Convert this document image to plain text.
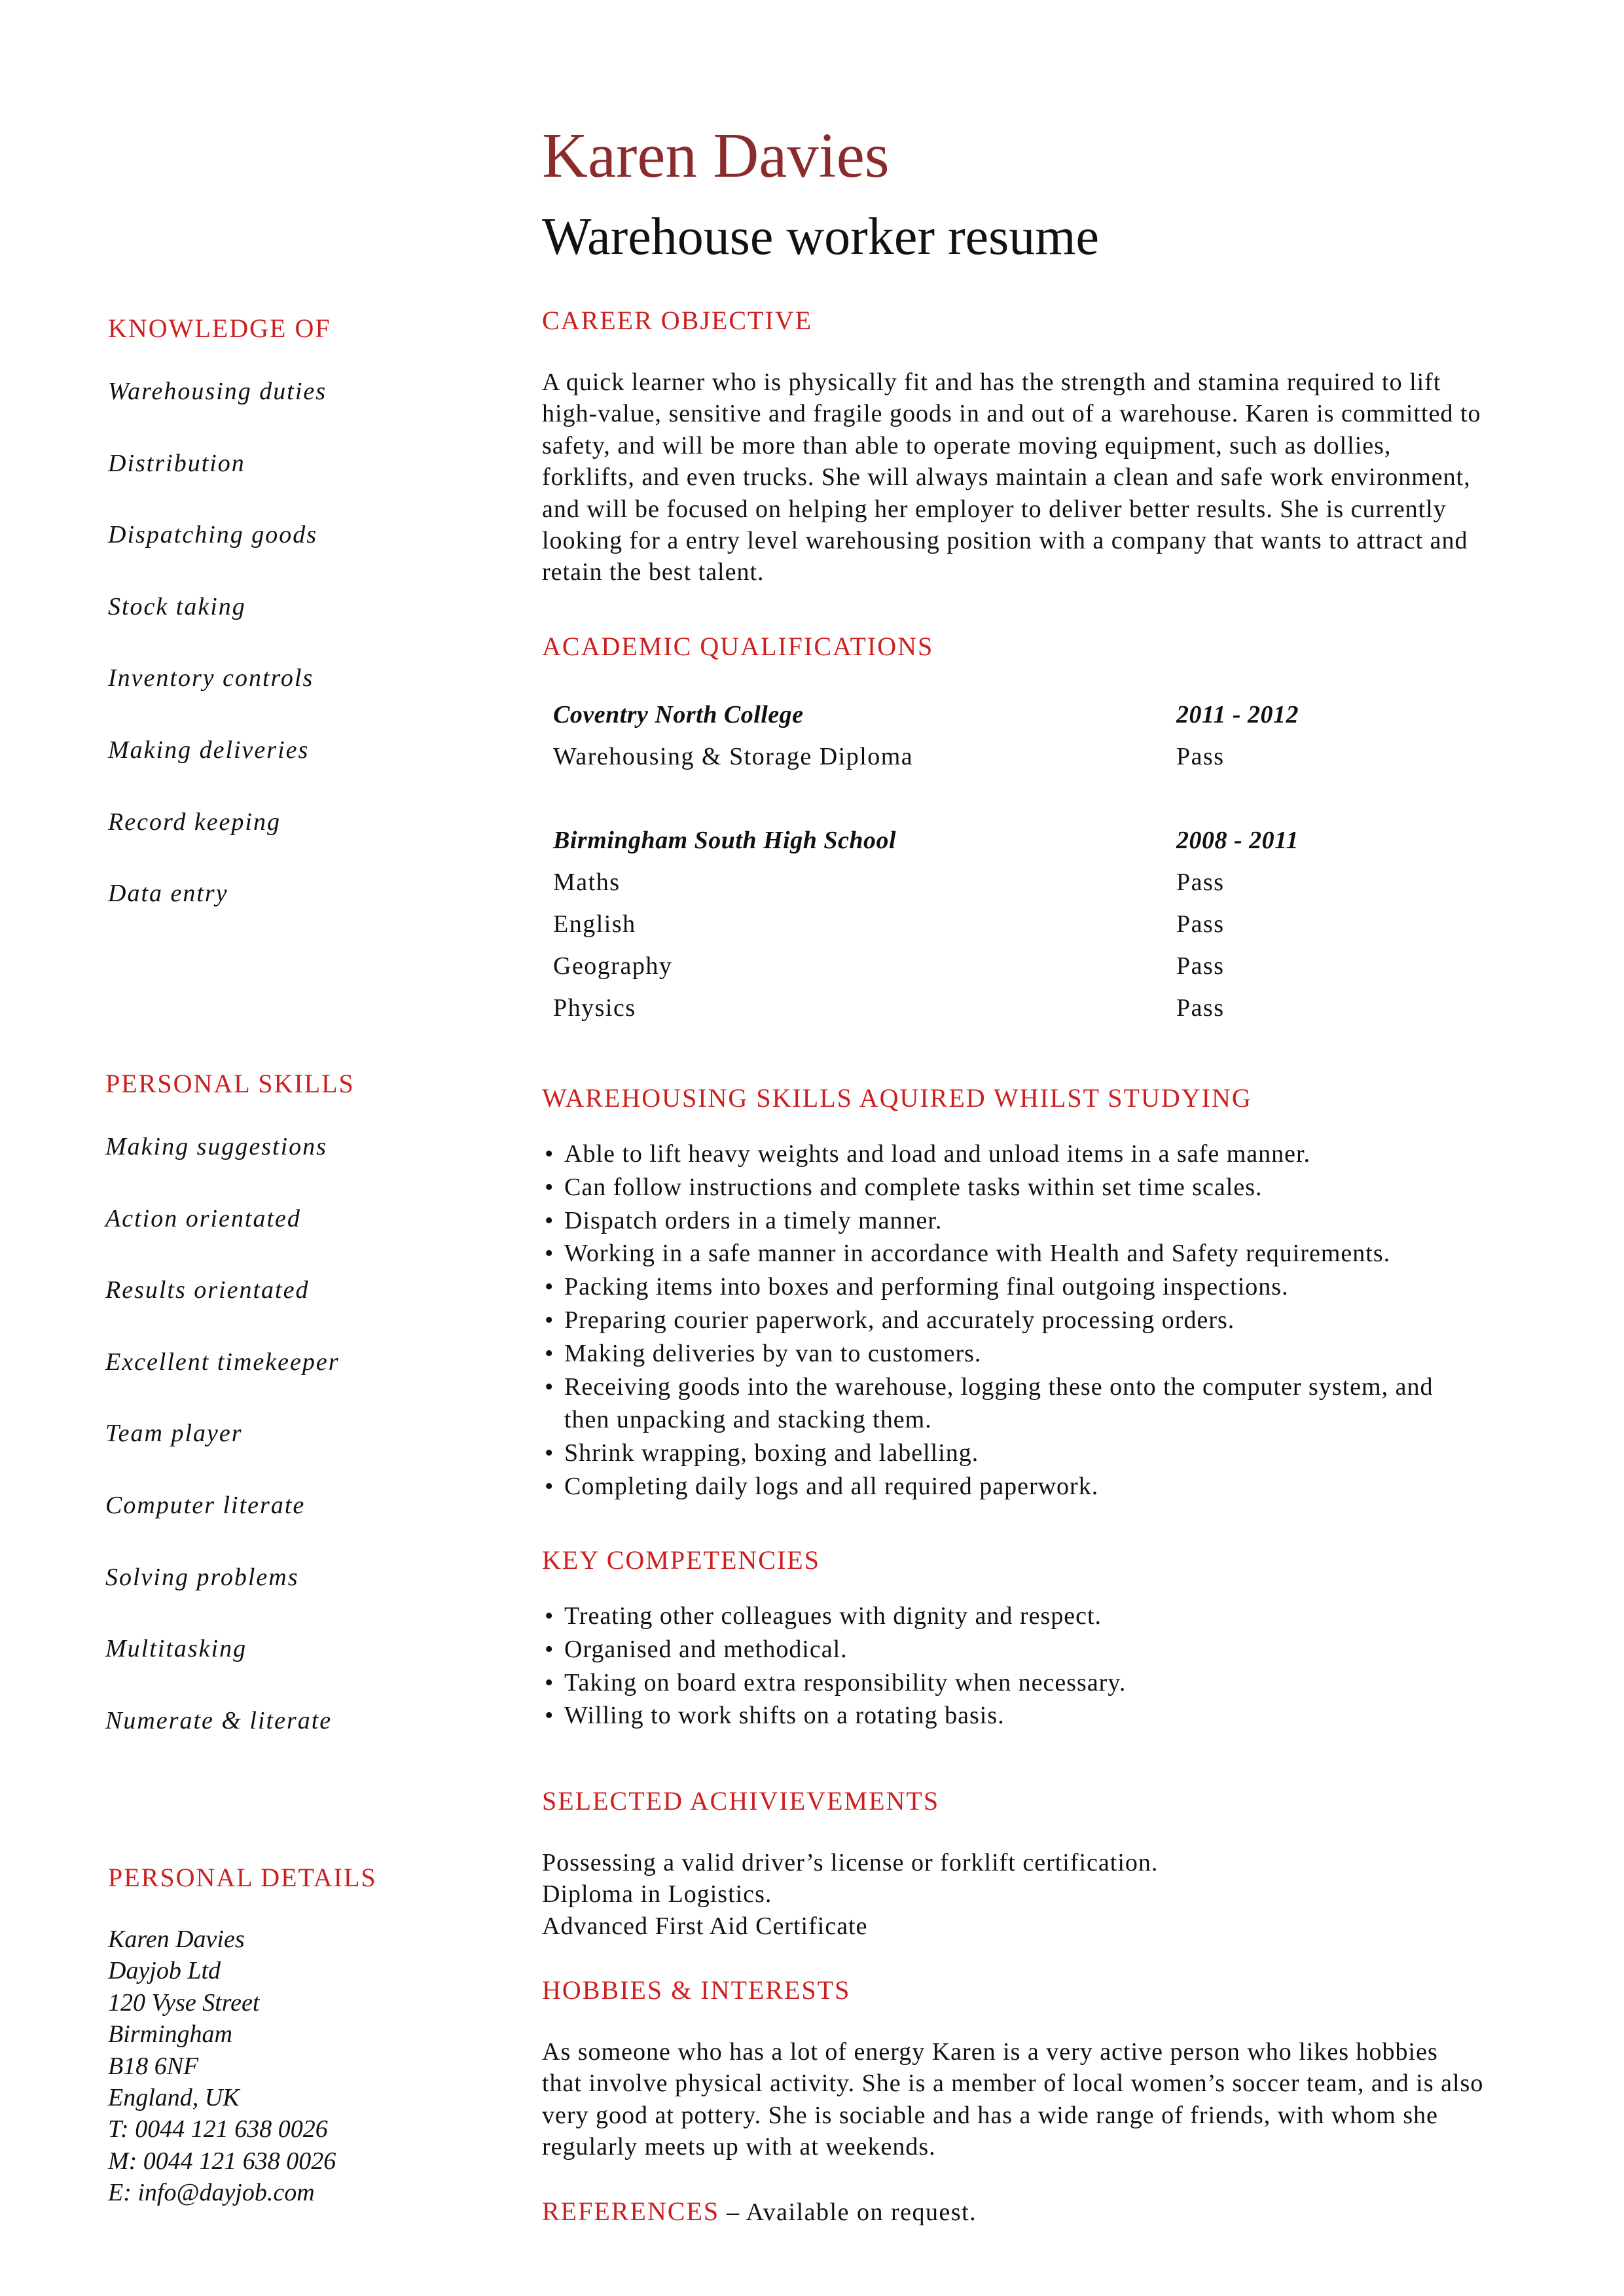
Karen Davies
Warehouse worker resume
KNOWLEDGE OF
Warehousing duties
Distribution
Dispatching goods
Stock taking
Inventory controls
Making deliveries
Record keeping
Data entry
PERSONAL SKILLS
Making suggestions
Action orientated
Results orientated
Excellent timekeeper
Team player
Computer literate
Solving problems
Multitasking
Numerate & literate
PERSONAL DETAILS
Karen Davies
Dayjob Ltd
120 Vyse Street
Birmingham
B18 6NF
England, UK
T: 0044 121 638 0026
M: 0044 121 638 0026
E: info@dayjob.com
CAREER OBJECTIVE

A quick learner who is physically fit and has the strength and stamina required to lift high-value, sensitive and fragile goods in and out of a warehouse. Karen is committed to safety, and will be more than able to operate moving equipment, such as dollies, forklifts, and even trucks. She will always maintain a clean and safe work environment, and will be focused on helping her employer to deliver better results. She is currently looking for a entry level warehousing position with a company that wants to attract and retain the best talent.

ACADEMIC QUALIFICATIONS
Coventry North College	2011 - 2012
Warehousing & Storage Diploma	Pass

Birmingham South High School	2008 - 2011
Maths	Pass
English	Pass
Geography	Pass
Physics	Pass
WAREHOUSING SKILLS AQUIRED WHILST STUDYING
• Able to lift heavy weights and load and unload items in a safe manner.
• Can follow instructions and complete tasks within set time scales.
• Dispatch orders in a timely manner.
• Working in a safe manner in accordance with Health and Safety requirements.
• Packing items into boxes and performing final outgoing inspections.
• Preparing courier paperwork, and accurately processing orders.
• Making deliveries by van to customers.
• Receiving goods into the warehouse, logging these onto the computer system, and then unpacking and stacking them.
• Shrink wrapping, boxing and labelling.
• Completing daily logs and all required paperwork.
KEY COMPETENCIES
• Treating other colleagues with dignity and respect.
• Organised and methodical.
• Taking on board extra responsibility when necessary.
• Willing to work shifts on a rotating basis.
SELECTED ACHIVIEVEMENTS
Possessing a valid driver’s license or forklift certification.
Diploma in Logistics.
Advanced First Aid Certificate
HOBBIES & INTERESTS

As someone who has a lot of energy Karen is a very active person who likes hobbies that involve physical activity. She is a member of local women’s soccer team, and is also very good at pottery. She is sociable and has a wide range of friends, with whom she regularly meets up with at weekends.

REFERENCES – Available on request.
